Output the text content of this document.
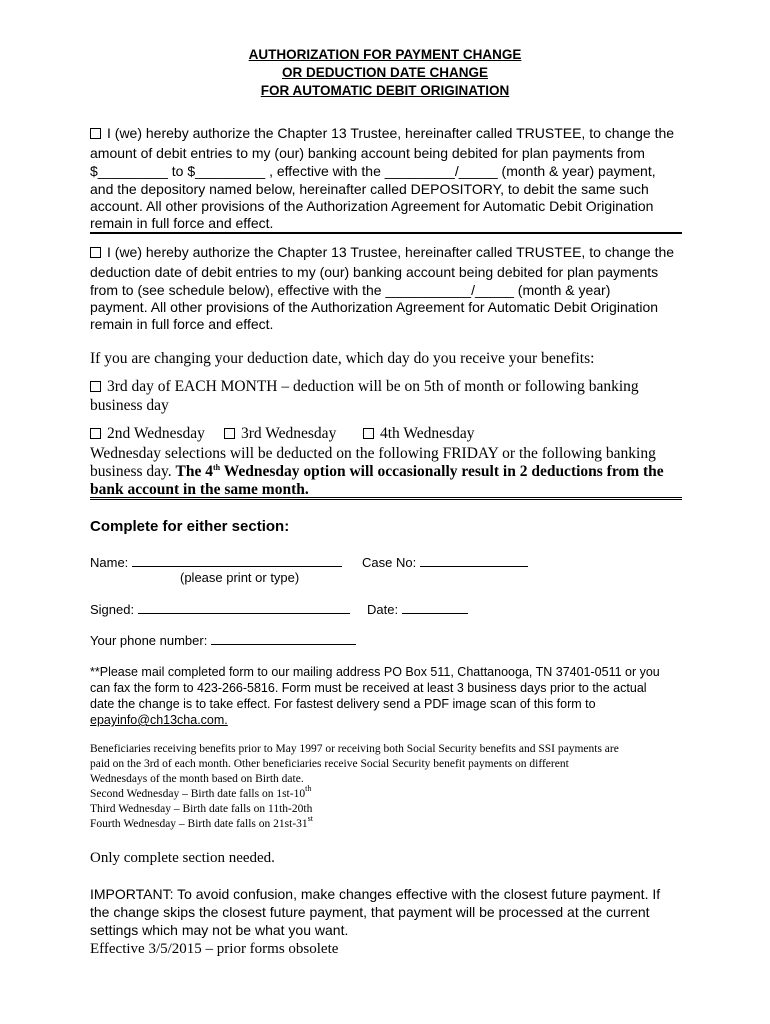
AUTHORIZATION FOR PAYMENT CHANGE
OR DEDUCTION DATE CHANGE
FOR AUTOMATIC DEBIT ORIGINATION
I (we) hereby authorize the Chapter 13 Trustee, hereinafter called TRUSTEE, to change the
amount of debit entries to my (our) banking account being debited for plan payments from
$_________ to $_________ , effective with the _________/_____ (month & year) payment,
and the depository named below, hereinafter called DEPOSITORY, to debit the same such
account. All other provisions of the Authorization Agreement for Automatic Debit Origination
remain in full force and effect.
I (we) hereby authorize the Chapter 13 Trustee, hereinafter called TRUSTEE, to change the
deduction date of debit entries to my (our) banking account being debited for plan payments
from to (see schedule below), effective with the ___________/_____ (month & year)
payment. All other provisions of the Authorization Agreement for Automatic Debit Origination
remain in full force and effect.
If you are changing your deduction date, which day do you receive your benefits:
3rd day of EACH MONTH – deduction will be on 5th of month or following banking
business day
2nd Wednesday	3rd Wednesday	4th Wednesday
Wednesday selections will be deducted on the following FRIDAY or the following banking
business day. The 4th Wednesday option will occasionally result in 2 deductions from the
bank account in the same month.
Complete for either section:
Name:	Case No:
(please print or type)
Signed:	Date:
Your phone number:
**Please mail completed form to our mailing address PO Box 511, Chattanooga, TN 37401-0511 or you
can fax the form to 423-266-5816. Form must be received at least 3 business days prior to the actual
date the change is to take effect. For fastest delivery send a PDF image scan of this form to
epayinfo@ch13cha.com.
Beneficiaries receiving benefits prior to May 1997 or receiving both Social Security benefits and SSI payments are
paid on the 3rd of each month. Other beneficiaries receive Social Security benefit payments on different
Wednesdays of the month based on Birth date.
Second Wednesday – Birth date falls on 1st-10th
Third Wednesday – Birth date falls on 11th-20th
Fourth Wednesday – Birth date falls on 21st-31st
Only complete section needed.
IMPORTANT: To avoid confusion, make changes effective with the closest future payment. If
the change skips the closest future payment, that payment will be processed at the current
settings which may not be what you want.
Effective 3/5/2015 – prior forms obsolete
